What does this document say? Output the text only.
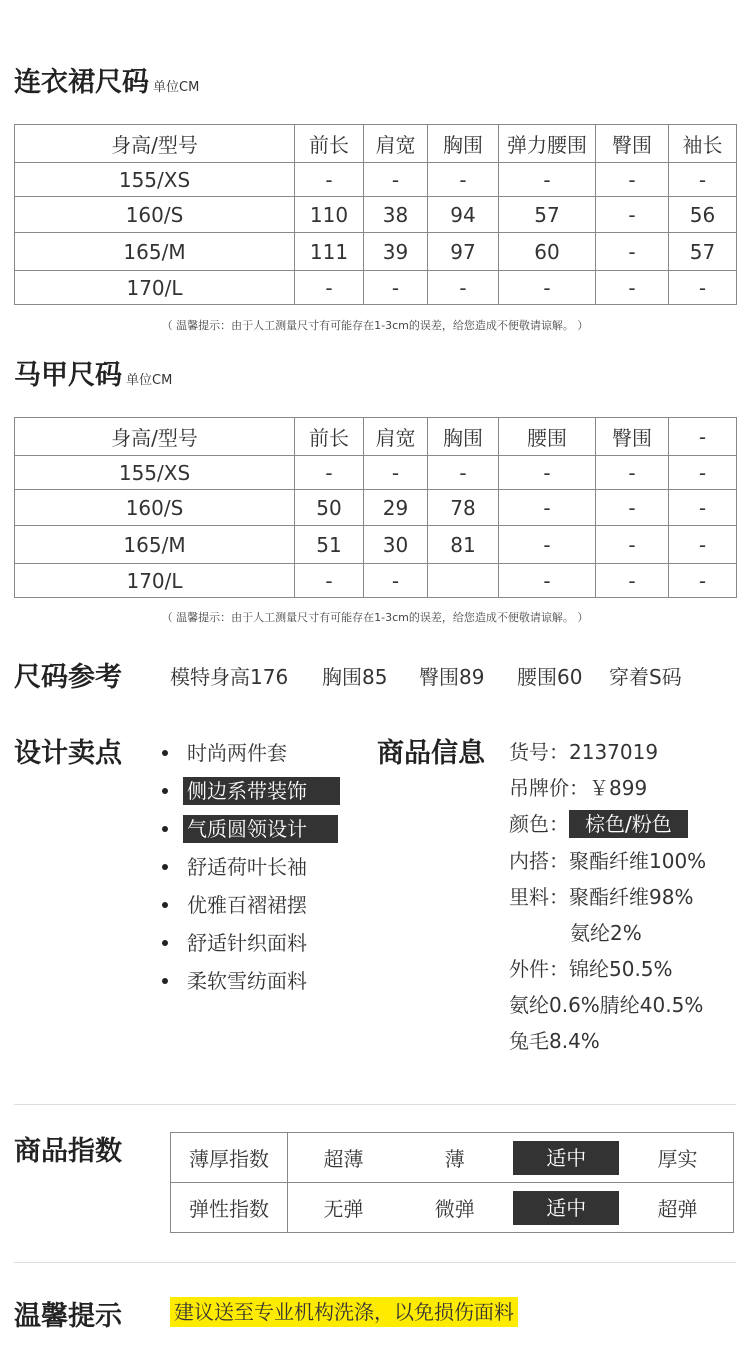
连衣裙尺码 单位CM
身高/型号	前长	肩宽	胸围	弹力腰围	臀围	袖长
155/XS	-	-	-	-	-	-
160/S	110	38	94	57	-	56
165/M	111	39	97	60	-	57
170/L	-	-	-	-	-	-
（ 温馨提示：由于人工测量尺寸有可能存在1-3cm的误差，给您造成不便敬请谅解。 ）
马甲尺码 单位CM
身高/型号	前长	肩宽	胸围	腰围	臀围	-
155/XS	-	-	-	-	-	-
160/S	50	29	78	-	-	-
165/M	51	30	81	-	-	-
170/L	-	-		-	-	-
（ 温馨提示：由于人工测量尺寸有可能存在1-3cm的误差，给您造成不便敬请谅解。 ）
尺码参考 模特身高176 胸围85 臀围89 腰围60 穿着S码
设计卖点	时尚两件套
侧边系带装饰
气质圆领设计
舒适荷叶长袖
优雅百褶裙摆
舒适针织面料
柔软雪纺面料
商品信息 货号：2137019
吊牌价：￥899
颜色： 棕色/粉色
内搭：聚酯纤维100%
里料：聚酯纤维98%
氨纶2%
外件：锦纶50.5%
氨纶0.6%腈纶40.5%
兔毛8.4%
商品指数	薄厚指数	超薄	薄	适中	厚实
弹性指数	无弹	微弹	适中	超弹
温馨提示	建议送至专业机构洗涤，以免损伤面料
